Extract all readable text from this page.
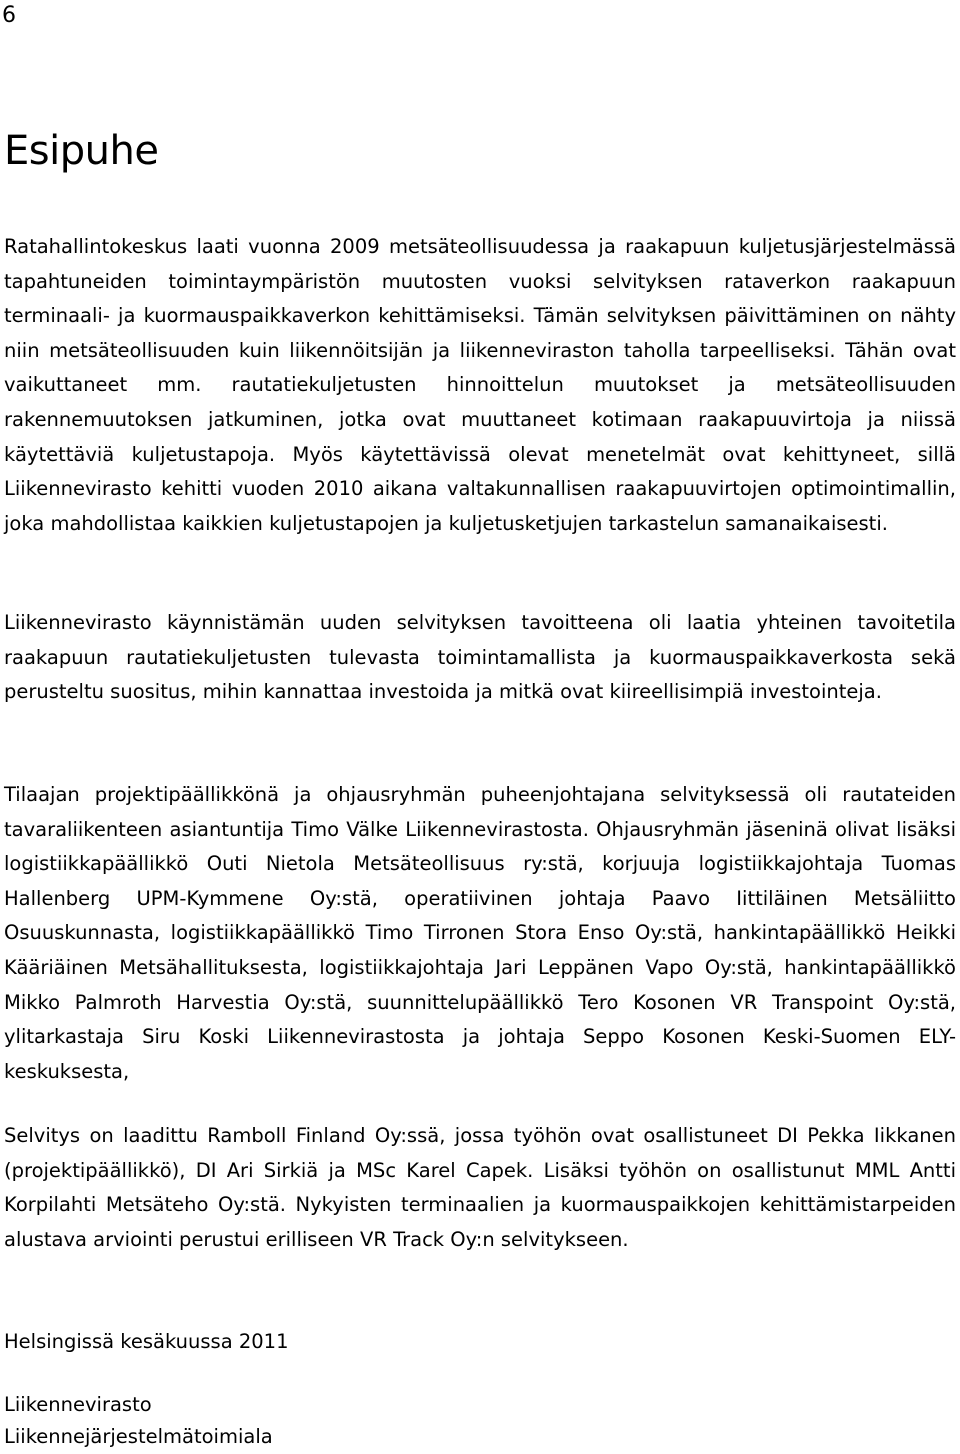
6
Esipuhe

Ratahallintokeskus laati vuonna 2009 metsäteollisuudessa ja raakapuun kuljetusjärjestelmässä tapahtuneiden toimintaympäristön muutosten vuoksi selvityksen rataverkon raakapuun terminaali- ja kuormauspaikkaverkon kehittämiseksi. Tämän selvityksen päivittäminen on nähty niin metsäteollisuuden kuin liikennöitsijän ja liikenneviraston taholla tarpeelliseksi. Tähän ovat vaikuttaneet mm. rautatiekuljetusten hinnoittelun muutokset ja metsäteollisuuden rakennemuutoksen jatkuminen, jotka ovat muuttaneet kotimaan raakapuuvirtoja ja niissä käytettäviä kuljetustapoja. Myös käytettävissä olevat menetelmät ovat kehittyneet, sillä Liikennevirasto kehitti vuoden 2010 aikana valtakunnallisen raakapuuvirtojen optimointimallin, joka mahdollistaa kaikkien kuljetustapojen ja kuljetusketjujen tarkastelun samanaikaisesti.

Liikennevirasto käynnistämän uuden selvityksen tavoitteena oli laatia yhteinen tavoitetila raakapuun rautatiekuljetusten tulevasta toimintamallista ja kuormauspaikkaverkosta sekä perusteltu suositus, mihin kannattaa investoida ja mitkä ovat kiireellisimpiä investointeja.

Tilaajan projektipäällikkönä ja ohjausryhmän puheenjohtajana selvityksessä oli rautateiden tavaraliikenteen asiantuntija Timo Välke Liikennevirastosta. Ohjausryhmän jäseninä olivat lisäksi logistiikkapäällikkö Outi Nietola Metsäteollisuus ry:stä, korjuuja logistiikkajohtaja Tuomas Hallenberg UPM-Kymmene Oy:stä, operatiivinen johtaja Paavo Iittiläinen Metsäliitto Osuuskunnasta, logistiikkapäällikkö Timo Tirronen Stora Enso Oy:stä, hankintapäällikkö Heikki Kääriäinen Metsähallituksesta, logistiikkajohtaja Jari Leppänen Vapo Oy:stä, hankintapäällikkö Mikko Palmroth Harvestia Oy:stä, suunnittelupäällikkö Tero Kosonen VR Transpoint Oy:stä, ylitarkastaja Siru Koski Liikennevirastosta ja johtaja Seppo Kosonen Keski-Suomen ELY-keskuksesta,

Selvitys on laadittu Ramboll Finland Oy:ssä, jossa työhön ovat osallistuneet DI Pekka Iikkanen (projektipäällikkö), DI Ari Sirkiä ja MSc Karel Capek. Lisäksi työhön on osallistunut MML Antti Korpilahti Metsäteho Oy:stä. Nykyisten terminaalien ja kuormauspaikkojen kehittämistarpeiden alustava arviointi perustui erilliseen VR Track Oy:n selvitykseen.

Helsingissä kesäkuussa 2011

Liikennevirasto
Liikennejärjestelmätoimiala
